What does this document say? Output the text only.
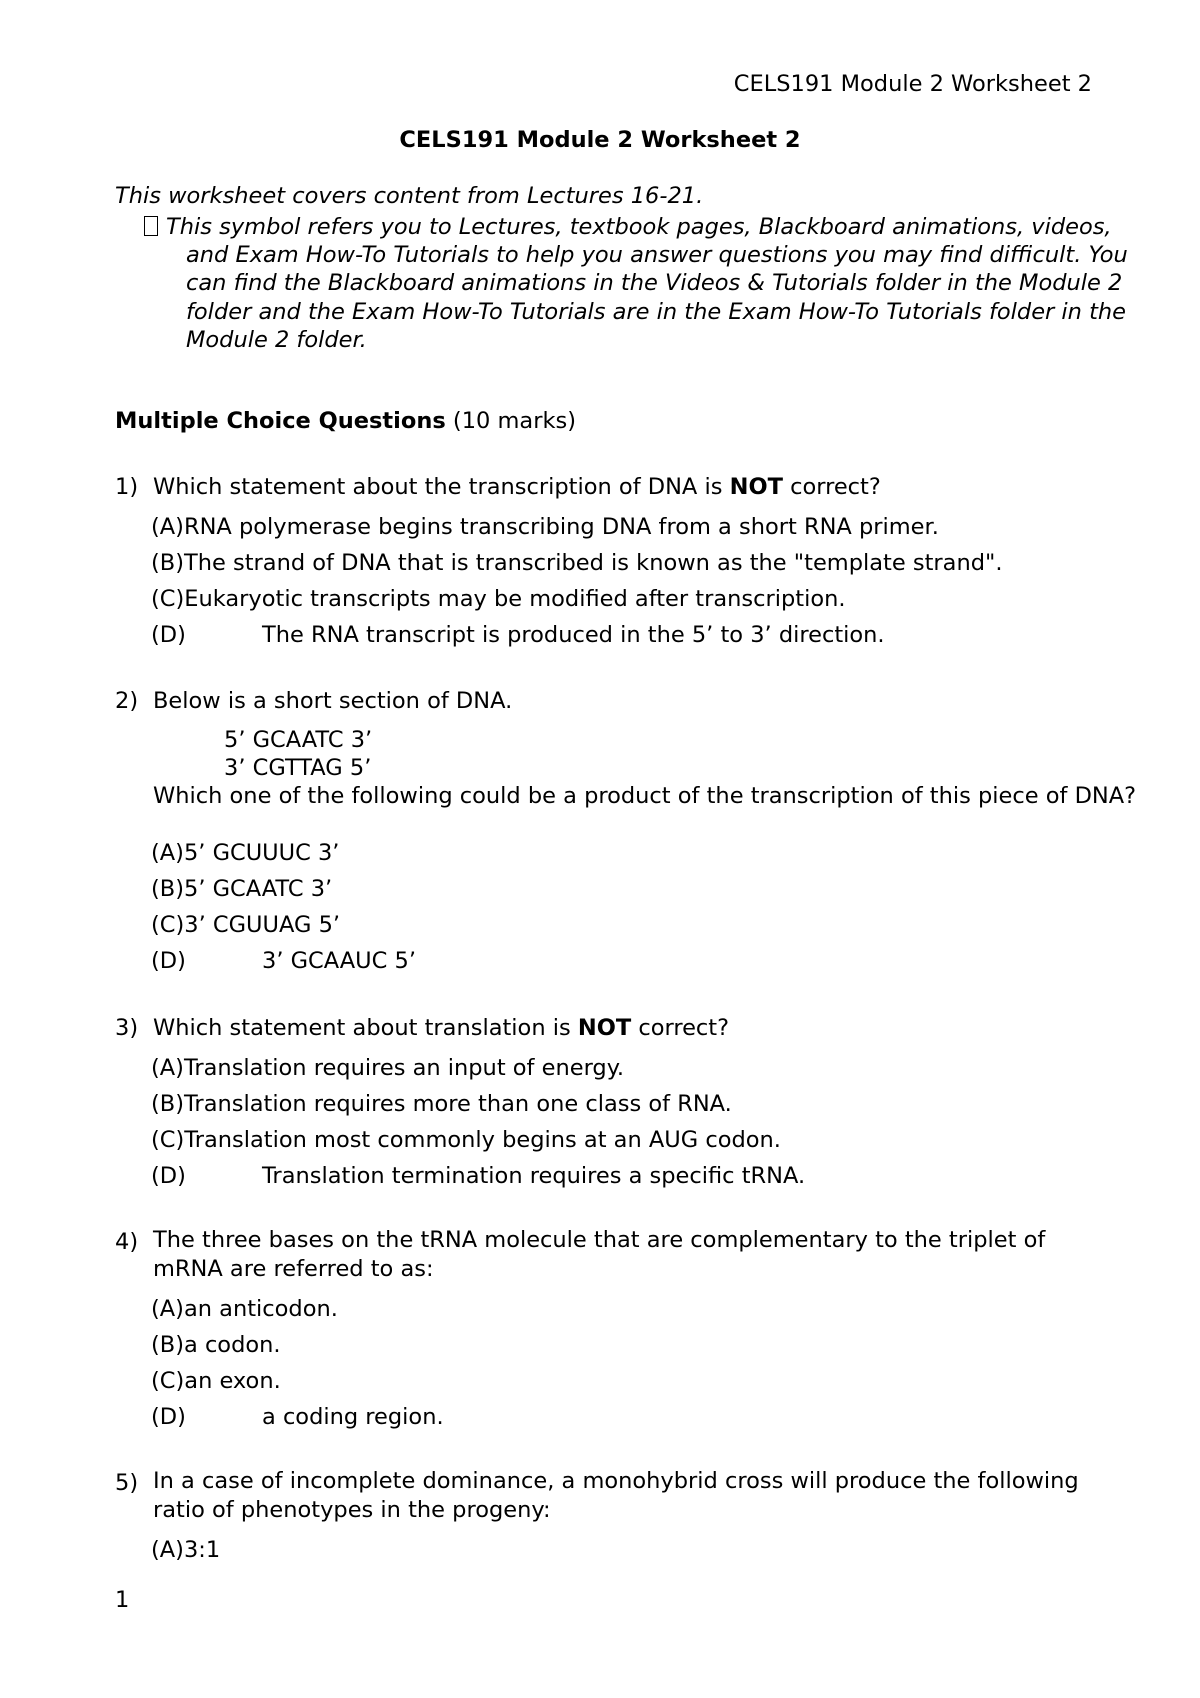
CELS191 Module 2 Worksheet 2
CELS191 Module 2 Worksheet 2
This worksheet covers content from Lectures 16-21.
This symbol refers you to Lectures, textbook pages, Blackboard animations, videos, and Exam How-To Tutorials to help you answer questions you may find difficult. You can find the Blackboard animations in the Videos & Tutorials folder in the Module 2 folder and the Exam How-To Tutorials are in the Exam How-To Tutorials folder in the Module 2 folder.
Multiple Choice Questions (10 marks)
1) Which statement about the transcription of DNA is NOT correct?
(A)RNA polymerase begins transcribing DNA from a short RNA primer.
(B)The strand of DNA that is transcribed is known as the "template strand".
(C)Eukaryotic transcripts may be modified after transcription.
(D)	The RNA transcript is produced in the 5’ to 3’ direction.
2) Below is a short section of DNA.
5’ GCAATC 3’
3’ CGTTAG 5’
Which one of the following could be a product of the transcription of this piece of DNA?
(A)5’ GCUUUC 3’
(B)5’ GCAATC 3’
(C)3’ CGUUAG 5’
(D)	3’ GCAAUC 5’
3) Which statement about translation is NOT correct?
(A)Translation requires an input of energy.
(B)Translation requires more than one class of RNA.
(C)Translation most commonly begins at an AUG codon.
(D)	Translation termination requires a specific tRNA.
4) The three bases on the tRNA molecule that are complementary to the triplet of mRNA are referred to as:
(A)an anticodon.
(B)a codon.
(C)an exon.
(D)	a coding region.
5) In a case of incomplete dominance, a monohybrid cross will produce the following ratio of phenotypes in the progeny:
(A)3:1
1
